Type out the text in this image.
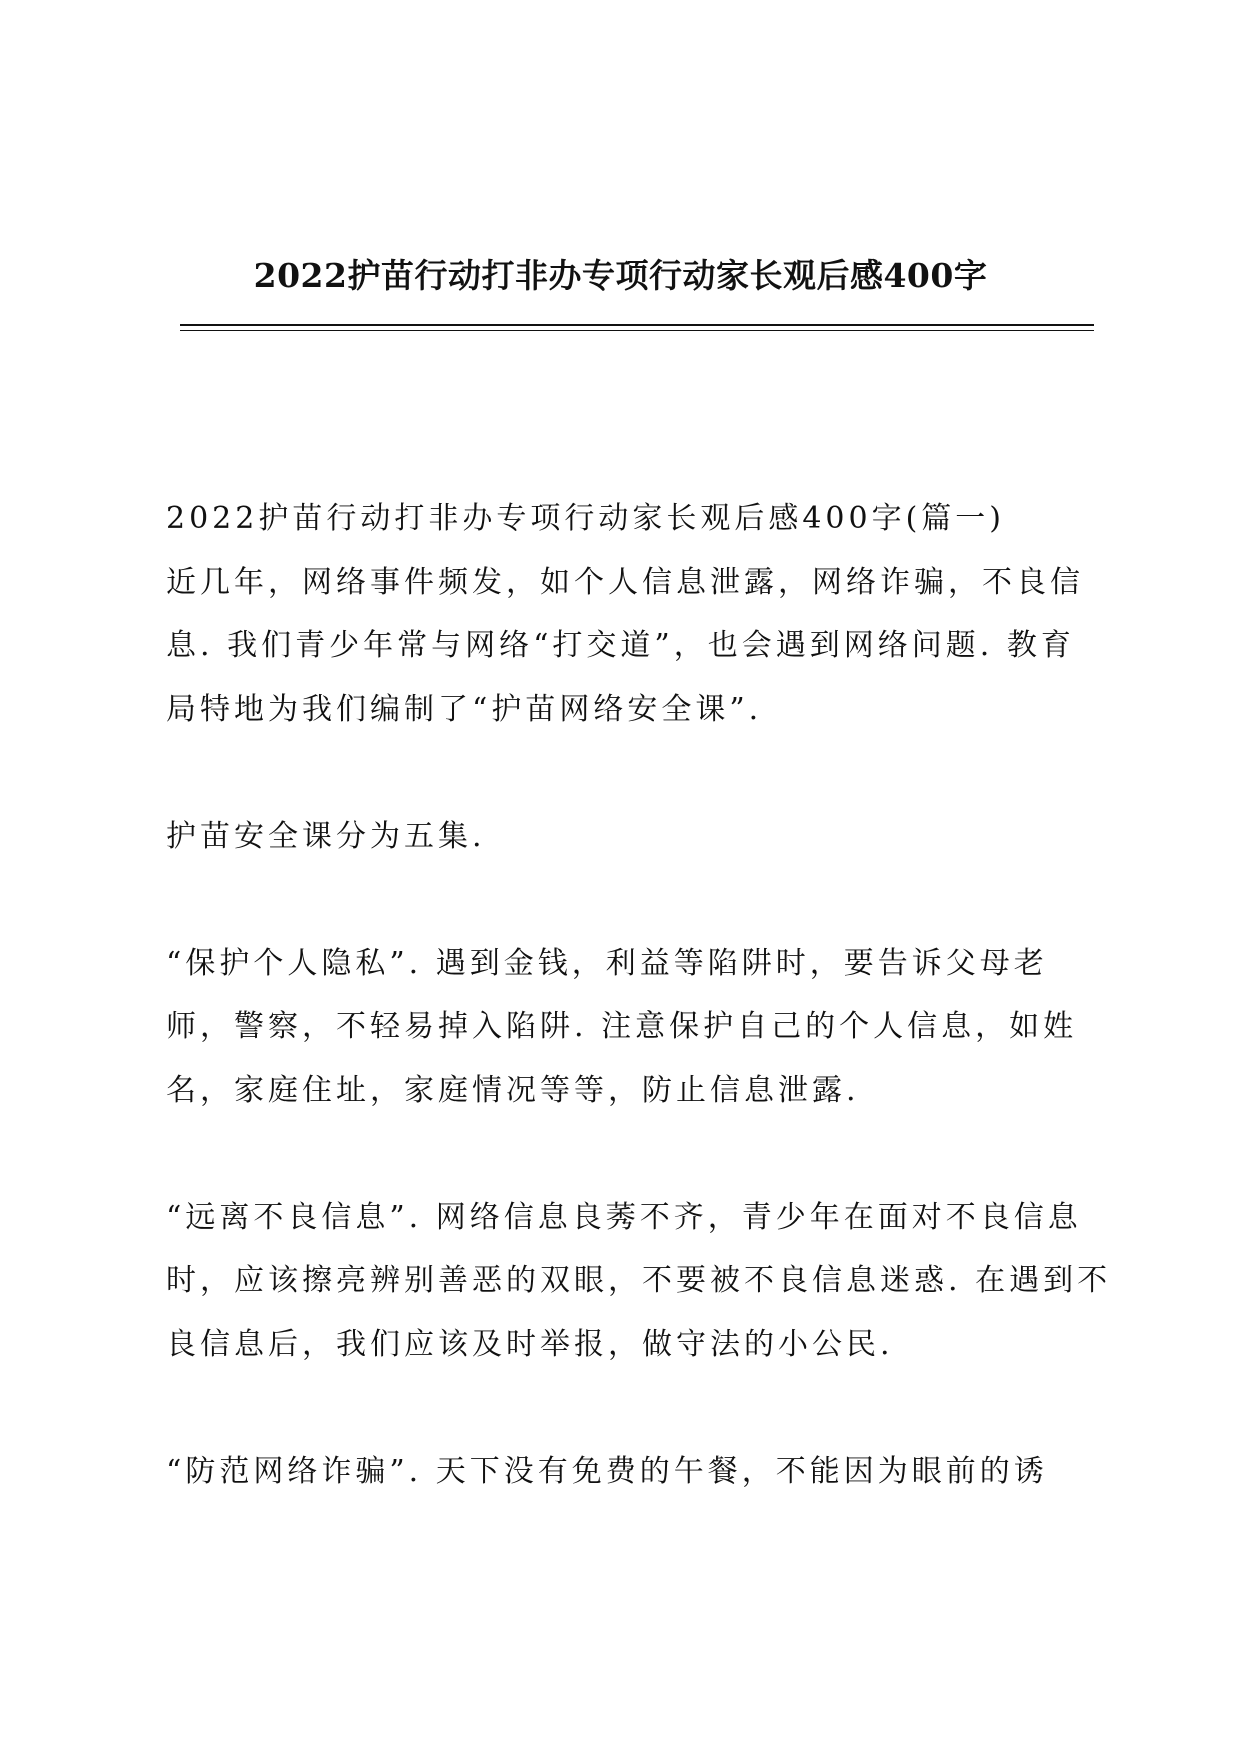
2022护苗行动打非办专项行动家长观后感400字
2022护苗行动打非办专项行动家长观后感400字(篇一)
近几年，网络事件频发，如个人信息泄露，网络诈骗，不良信
息. 我们青少年常与网络“打交道”，也会遇到网络问题. 教育
局特地为我们编制了“护苗网络安全课”.
护苗安全课分为五集.
“保护个人隐私”. 遇到金钱，利益等陷阱时，要告诉父母老
师，警察，不轻易掉入陷阱. 注意保护自己的个人信息，如姓
名，家庭住址，家庭情况等等，防止信息泄露.
“远离不良信息”. 网络信息良莠不齐，青少年在面对不良信息
时，应该擦亮辨别善恶的双眼，不要被不良信息迷惑. 在遇到不
良信息后，我们应该及时举报，做守法的小公民.
“防范网络诈骗”. 天下没有免费的午餐，不能因为眼前的诱
